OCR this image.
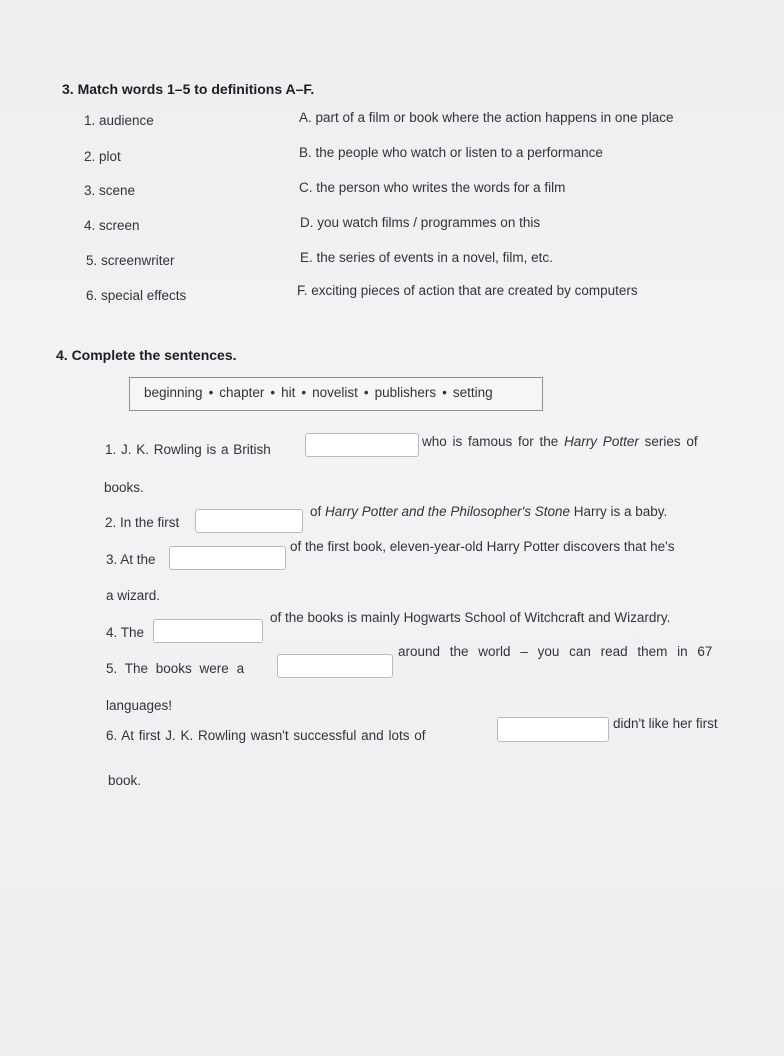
3. Match words 1–5 to definitions A–F.
1. audience
2. plot
3. scene
4. screen
5. screenwriter
6. special effects
A. part of a film or book where the action happens in one place
B. the people who watch or listen to a performance
C. the person who writes the words for a film
D. you watch films / programmes on this
E. the series of events in a novel, film, etc.
F. exciting pieces of action that are created by computers
4. Complete the sentences.
beginning • chapter • hit • novelist • publishers • setting
1. J. K. Rowling is a British
who is famous for the Harry Potter series of
books.
2. In the first
of Harry Potter and the Philosopher's Stone Harry is a baby.
3. At the
of the first book, eleven-year-old Harry Potter discovers that he's
a wizard.
4. The
of the books is mainly Hogwarts School of Witchcraft and Wizardry.
5. The books were a
around the world – you can read them in 67
languages!
6. At first J. K. Rowling wasn't successful and lots of
didn't like her first
book.
